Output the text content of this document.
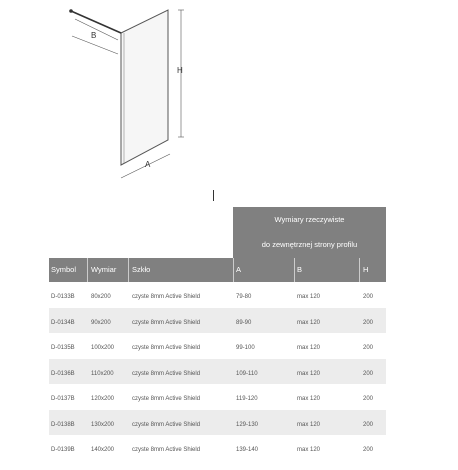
B
H
A
Wymiary rzeczywiste
do zewnętrznej strony profilu
Symbol Wymiar Szkło	A	B	H
D-0133B	80x200	czyste 8mm Active Shield	79-80	max 120	200
D-0134B	90x200	czyste 8mm Active Shield	89-90	max 120	200
D-0135B	100x200	czyste 8mm Active Shield	99-100	max 120	200
D-0136B	110x200	czyste 8mm Active Shield	109-110	max 120	200
D-0137B	120x200	czyste 8mm Active Shield	119-120	max 120	200
D-0138B	130x200	czyste 8mm Active Shield	129-130	max 120	200
D-0139B	140x200	czyste 8mm Active Shield	139-140	max 120	200
